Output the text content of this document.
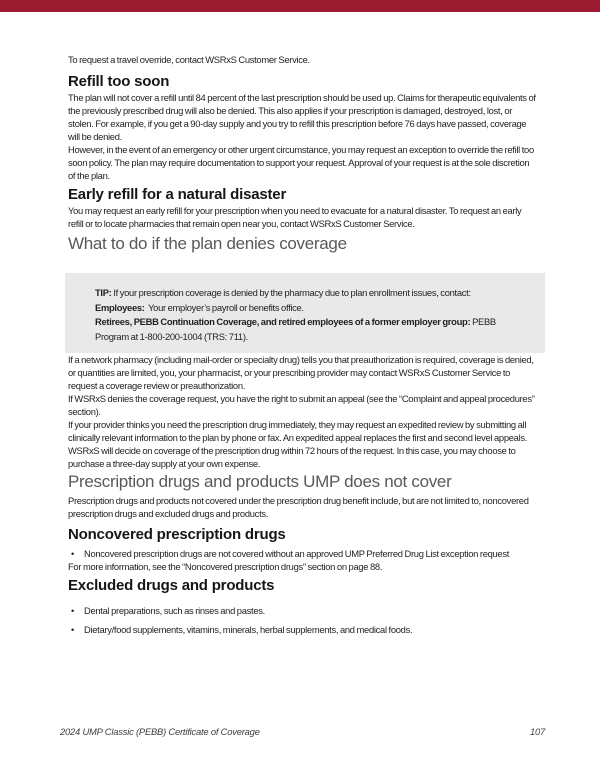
To request a travel override, contact WSRxS Customer Service.

Refill too soon

The plan will not cover a refill until 84 percent of the last prescription should be used up. Claims for therapeutic equivalents of the previously prescribed drug will also be denied. This also applies if your prescription is damaged, destroyed, lost, or stolen. For example, if you get a 90-day supply and you try to refill this prescription before 76 days have passed, coverage will be denied.

However, in the event of an emergency or other urgent circumstance, you may request an exception to override the refill too soon policy. The plan may require documentation to support your request. Approval of your request is at the sole discretion of the plan.

Early refill for a natural disaster

You may request an early refill for your prescription when you need to evacuate for a natural disaster. To request an early refill or to locate pharmacies that remain open near you, contact WSRxS Customer Service.

What to do if the plan denies coverage

TIP: If your prescription coverage is denied by the pharmacy due to plan enrollment issues, contact:

Employees:  Your employer’s payroll or benefits office.

Retirees, PEBB Continuation Coverage, and retired employees of a former employer group: PEBB Program at 1-800-200-1004 (TRS: 711).

If a network pharmacy (including mail-order or specialty drug) tells you that preauthorization is required, coverage is denied, or quantities are limited, you, your pharmacist, or your prescribing provider may contact WSRxS Customer Service to request a coverage review or preauthorization.

If WSRxS denies the coverage request, you have the right to submit an appeal (see the “Complaint and appeal procedures” section).

If your provider thinks you need the prescription drug immediately, they may request an expedited review by submitting all clinically relevant information to the plan by phone or fax. An expedited appeal replaces the first and second level appeals. WSRxS will decide on coverage of the prescription drug within 72 hours of the request. In this case, you may choose to purchase a three-day supply at your own expense.

Prescription drugs and products UMP does not cover

Prescription drugs and products not covered under the prescription drug benefit include, but are not limited to, noncovered prescription drugs and excluded drugs and products.

Noncovered prescription drugs
• Noncovered prescription drugs are not covered without an approved UMP Preferred Drug List exception request

For more information, see the “Noncovered prescription drugs” section on page 88.

Excluded drugs and products
• Dental preparations, such as rinses and pastes.
• Dietary/food supplements, vitamins, minerals, herbal supplements, and medical foods.
2024 UMP Classic (PEBB) Certificate of Coverage	107
